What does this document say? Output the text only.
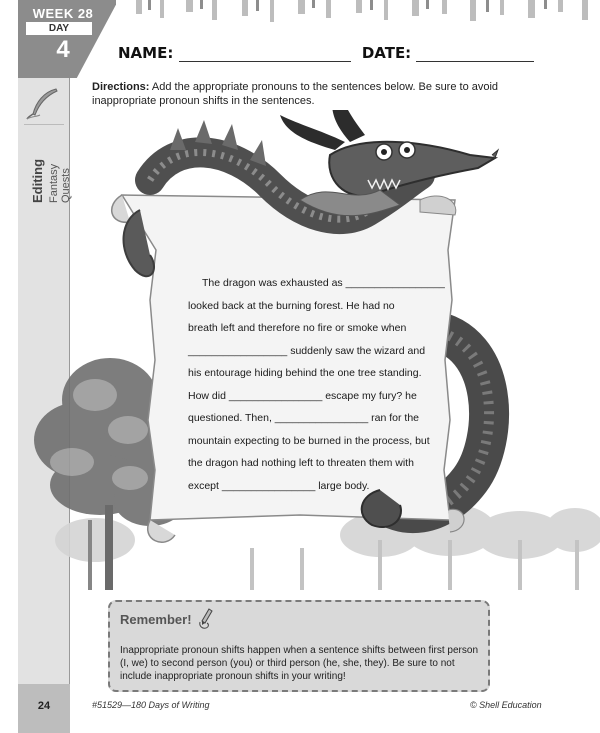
WEEK 28
DAY
4
Editing Fantasy Quests
24
NAME:	DATE:
Directions: Add the appropriate pronouns to the sentences below. Be sure to avoid inappropriate pronoun shifts in the sentences.
The dragon was exhausted as _________________
looked back at the burning forest. He had no
breath left and therefore no fire or smoke when
_________________ suddenly saw the wizard and
his entourage hiding behind the one tree standing.
How did ________________ escape my fury? he
questioned. Then, ________________ ran for the
mountain expecting to be burned in the process, but
the dragon had nothing left to threaten them with
except ________________ large body.
Remember!
Inappropriate pronoun shifts happen when a sentence shifts between first person (I, we) to second person (you) or third person (he, she, they). Be sure to not include inappropriate pronoun shifts in your writing!
#51529—180 Days of Writing	© Shell Education
